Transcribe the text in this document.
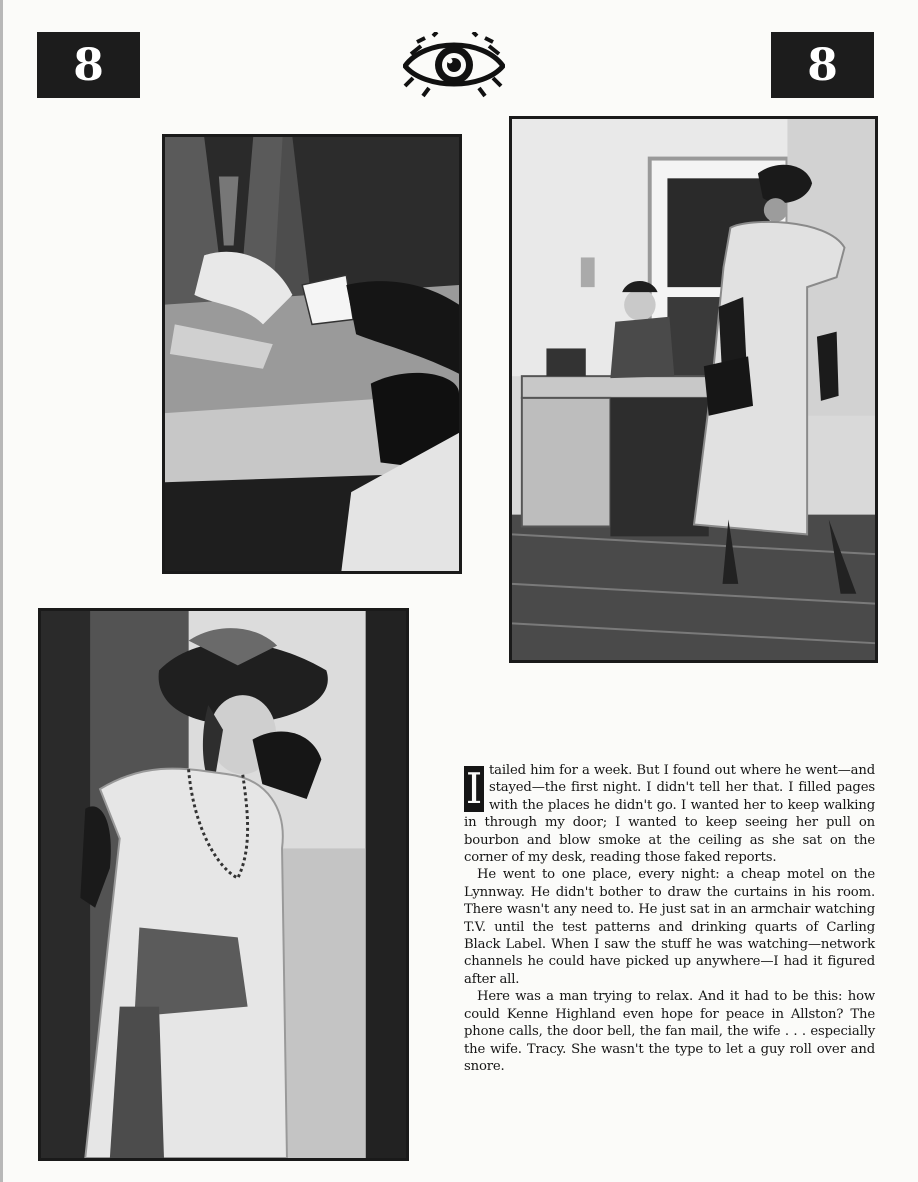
8	8

I tailed him for a week. But I found out where he went—and stayed—the first night. I didn't tell her that. I filled pages with the places he didn't go. I wanted her to keep walking in through my door; I wanted to keep seeing her pull on bourbon and blow smoke at the ceiling as she sat on the corner of my desk, reading those faked reports.

He went to one place, every night: a cheap motel on the Lynnway. He didn't bother to draw the curtains in his room. There wasn't any need to. He just sat in an armchair watching T.V. until the test patterns and drinking quarts of Carling Black Label. When I saw the stuff he was watching—network channels he could have picked up anywhere—I had it figured after all.

Here was a man trying to relax. And it had to be this: how could Kenne Highland even hope for peace in Allston? The phone calls, the door bell, the fan mail, the wife . . . especially the wife. Tracy. She wasn't the type to let a guy roll over and snore.
